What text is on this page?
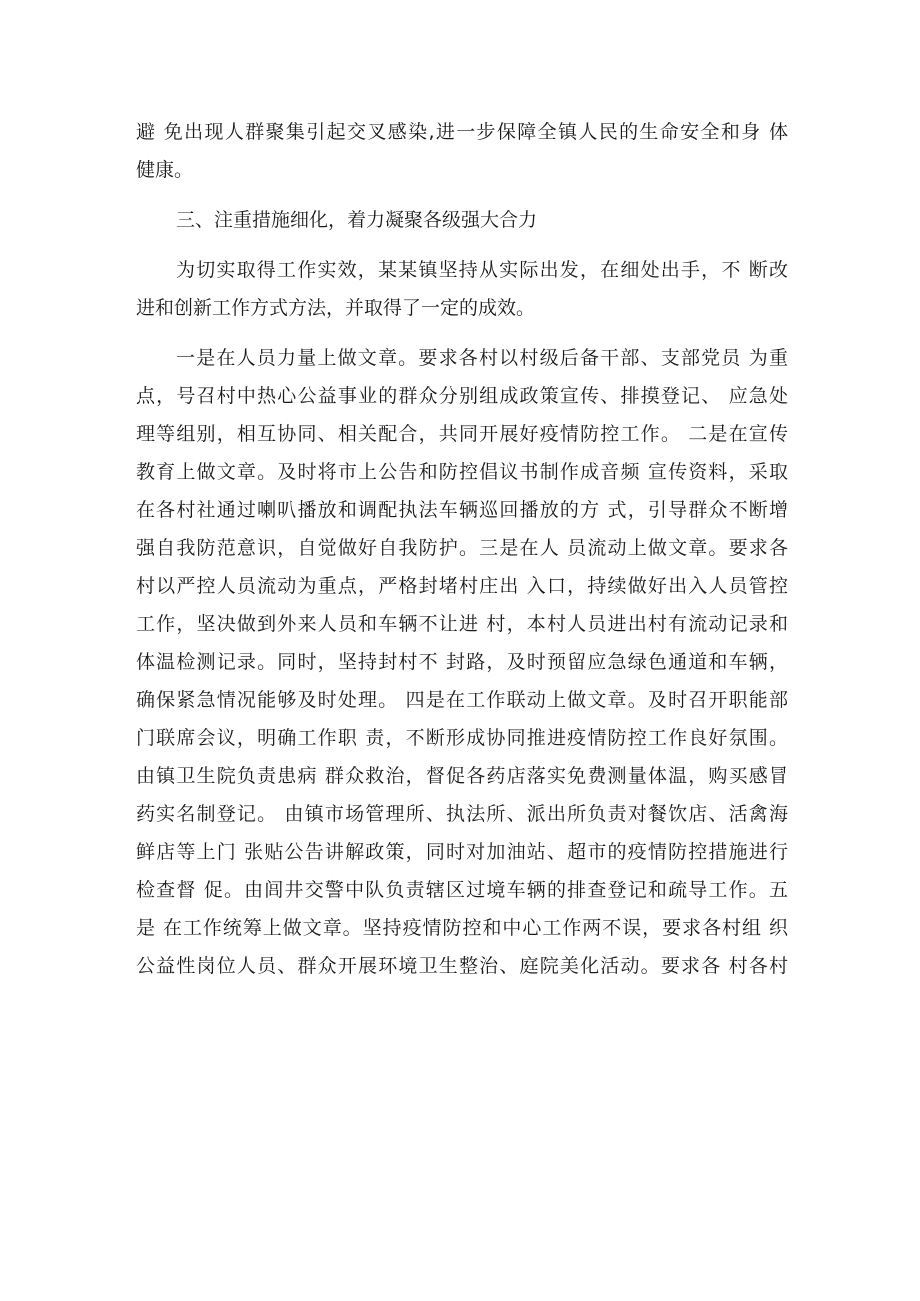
避 免出现人群聚集引起交叉感染,进一步保障全镇人民的生命安全和身 体
健康。
三、注重措施细化，着力凝聚各级强大合力
为切实取得工作实效，某某镇坚持从实际出发，在细处出手，不 断改
进和创新工作方式方法，并取得了一定的成效。
一是在人员力量上做文章。要求各村以村级后备干部、支部党员 为重
点，号召村中热心公益事业的群众分别组成政策宣传、排摸登记、 应急处
理等组别，相互协同、相关配合，共同开展好疫情防控工作。 二是在宣传
教育上做文章。及时将市上公告和防控倡议书制作成音频 宣传资料，采取
在各村社通过喇叭播放和调配执法车辆巡回播放的方 式，引导群众不断增
强自我防范意识，自觉做好自我防护。三是在人 员流动上做文章。要求各
村以严控人员流动为重点，严格封堵村庄出 入口，持续做好出入人员管控
工作，坚决做到外来人员和车辆不让进 村，本村人员进出村有流动记录和
体温检测记录。同时，坚持封村不 封路，及时预留应急绿色通道和车辆，
确保紧急情况能够及时处理。 四是在工作联动上做文章。及时召开职能部
门联席会议，明确工作职 责，不断形成协同推进疫情防控工作良好氛围。
由镇卫生院负责患病 群众救治，督促各药店落实免费测量体温，购买感冒
药实名制登记。 由镇市场管理所、执法所、派出所负责对餐饮店、活禽海
鲜店等上门 张贴公告讲解政策，同时对加油站、超市的疫情防控措施进行
检查督 促。由闾井交警中队负责辖区过境车辆的排查登记和疏导工作。五
是 在工作统筹上做文章。坚持疫情防控和中心工作两不误，要求各村组 织
公益性岗位人员、群众开展环境卫生整治、庭院美化活动。要求各 村各村
